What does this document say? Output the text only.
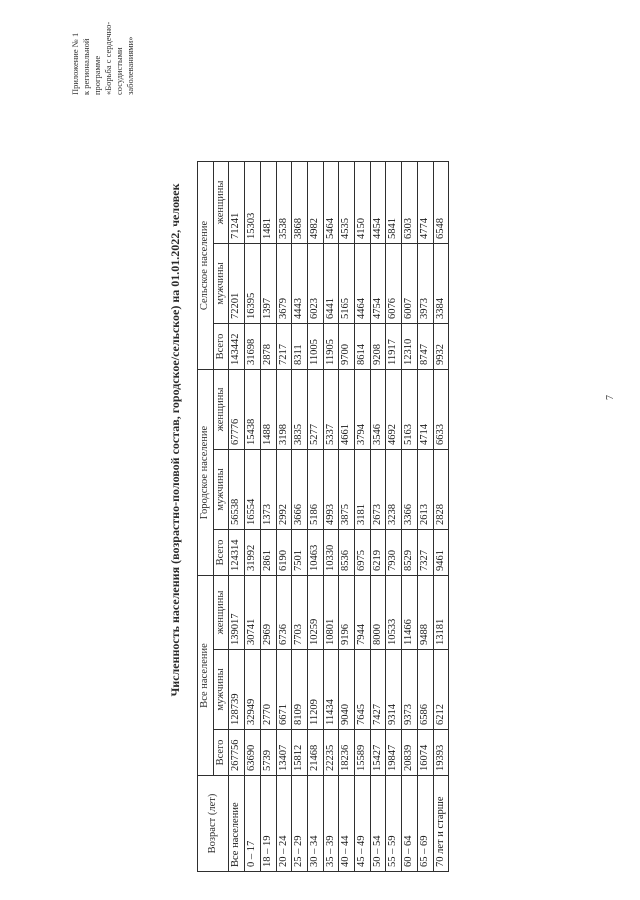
Приложение № 1 к региональной программе «Борьба с сердечно-сосудистыми заболеваниями»
Численность населения (возрастно-половой состав, городское/сельское) на 01.01.2022, человек
Возраст (лет)	Все население			Городское население			Сельское население		
	Всего	мужчины	женщины	Всего	мужчины	женщины	Всего	мужчины	женщины
Все население	267756	128739	139017	124314	56538	67776	143442	72201	71241
0 – 17	63690	32949	30741	31992	16554	15438	31698	16395	15303
18 – 19	5739	2770	2969	2861	1373	1488	2878	1397	1481
20 – 24	13407	6671	6736	6190	2992	3198	7217	3679	3538
25 – 29	15812	8109	7703	7501	3666	3835	8311	4443	3868
30 – 34	21468	11209	10259	10463	5186	5277	11005	6023	4982
35 – 39	22235	11434	10801	10330	4993	5337	11905	6441	5464
40 – 44	18236	9040	9196	8536	3875	4661	9700	5165	4535
45 – 49	15589	7645	7944	6975	3181	3794	8614	4464	4150
50 – 54	15427	7427	8000	6219	2673	3546	9208	4754	4454
55 – 59	19847	9314	10533	7930	3238	4692	11917	6076	5841
60 – 64	20839	9373	11466	8529	3366	5163	12310	6007	6303
65 – 69	16074	6586	9488	7327	2613	4714	8747	3973	4774
70 лет и старше	19393	6212	13181	9461	2828	6633	9932	3384	6548
7
